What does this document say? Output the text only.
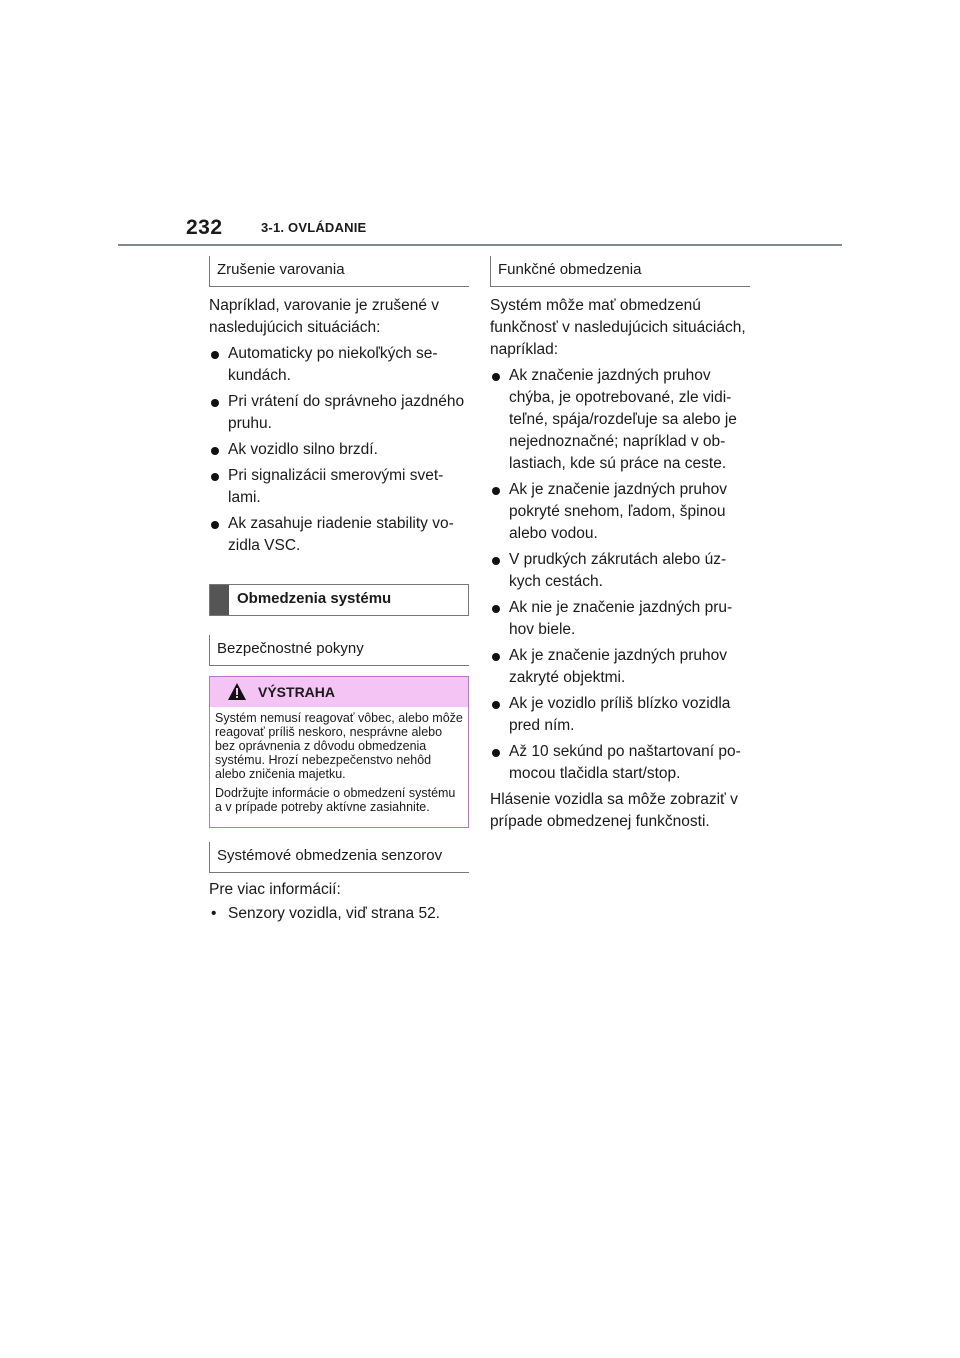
232	3-1. OVLÁDANIE
Zrušenie varovania

Napríklad, varovanie je zrušené v nasledujúcich situáciách:

Automaticky po niekoľkých sekundách.
Pri vrátení do správneho jazdného pruhu.
Ak vozidlo silno brzdí.
Pri signalizácii smerovými svetlami.
Ak zasahuje riadenie stability vozidla VSC.
Obmedzenia systému
Bezpečnostné pokyny
VÝSTRAHA

Systém nemusí reagovať vôbec, alebo môže reagovať príliš neskoro, nesprávne alebo bez oprávnenia z dôvodu obmedzenia systému. Hrozí nebezpečenstvo nehôd alebo zničenia majetku.

Dodržujte informácie o obmedzení systému a v prípade potreby aktívne zasiahnite.

Systémové obmedzenia senzorov

Pre viac informácií:

• Senzory vozidla, viď strana 52.
Funkčné obmedzenia

Systém môže mať obmedzenú funkčnosť v nasledujúcich situáciách, napríklad:

Ak značenie jazdných pruhov chýba, je opotrebované, zle viditeľné, spája/rozdeľuje sa alebo je nejednoznačné; napríklad v oblastiach, kde sú práce na ceste.
Ak je značenie jazdných pruhov pokryté snehom, ľadom, špinou alebo vodou.
V prudkých zákrutách alebo úzkych cestách.
Ak nie je značenie jazdných pruhov biele.
Ak je značenie jazdných pruhov zakryté objektmi.
Ak je vozidlo príliš blízko vozidla pred ním.
Až 10 sekúnd po naštartovaní pomocou tlačidla start/stop.

Hlásenie vozidla sa môže zobraziť v prípade obmedzenej funkčnosti.
